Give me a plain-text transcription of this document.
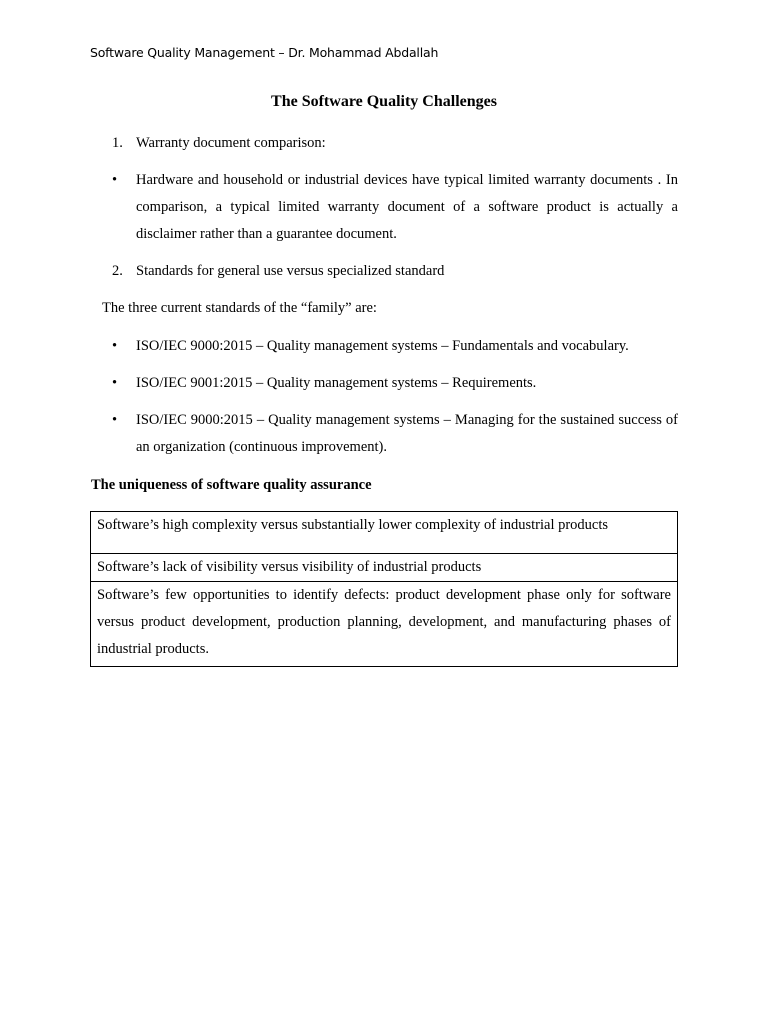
Software Quality Management – Dr. Mohammad Abdallah
The Software Quality Challenges
1. Warranty document comparison:
• Hardware and household or industrial devices have typical limited warranty documents . In comparison, a typical limited warranty document of a software product is actually a disclaimer rather than a guarantee document.
2. Standards for general use versus specialized standard
The three current standards of the “family” are:
• ISO/IEC 9000:2015 – Quality management systems – Fundamentals and vocabulary.
• ISO/IEC 9001:2015 – Quality management systems – Requirements.
• ISO/IEC 9000:2015 – Quality management systems – Managing for the sustained success of an organization (continuous improvement).
The uniqueness of software quality assurance
Software’s high complexity versus substantially lower complexity of industrial products
Software’s lack of visibility versus visibility of industrial products
Software’s few opportunities to identify defects: product development phase only for software versus product development, production planning, development, and manufacturing phases of industrial products.
